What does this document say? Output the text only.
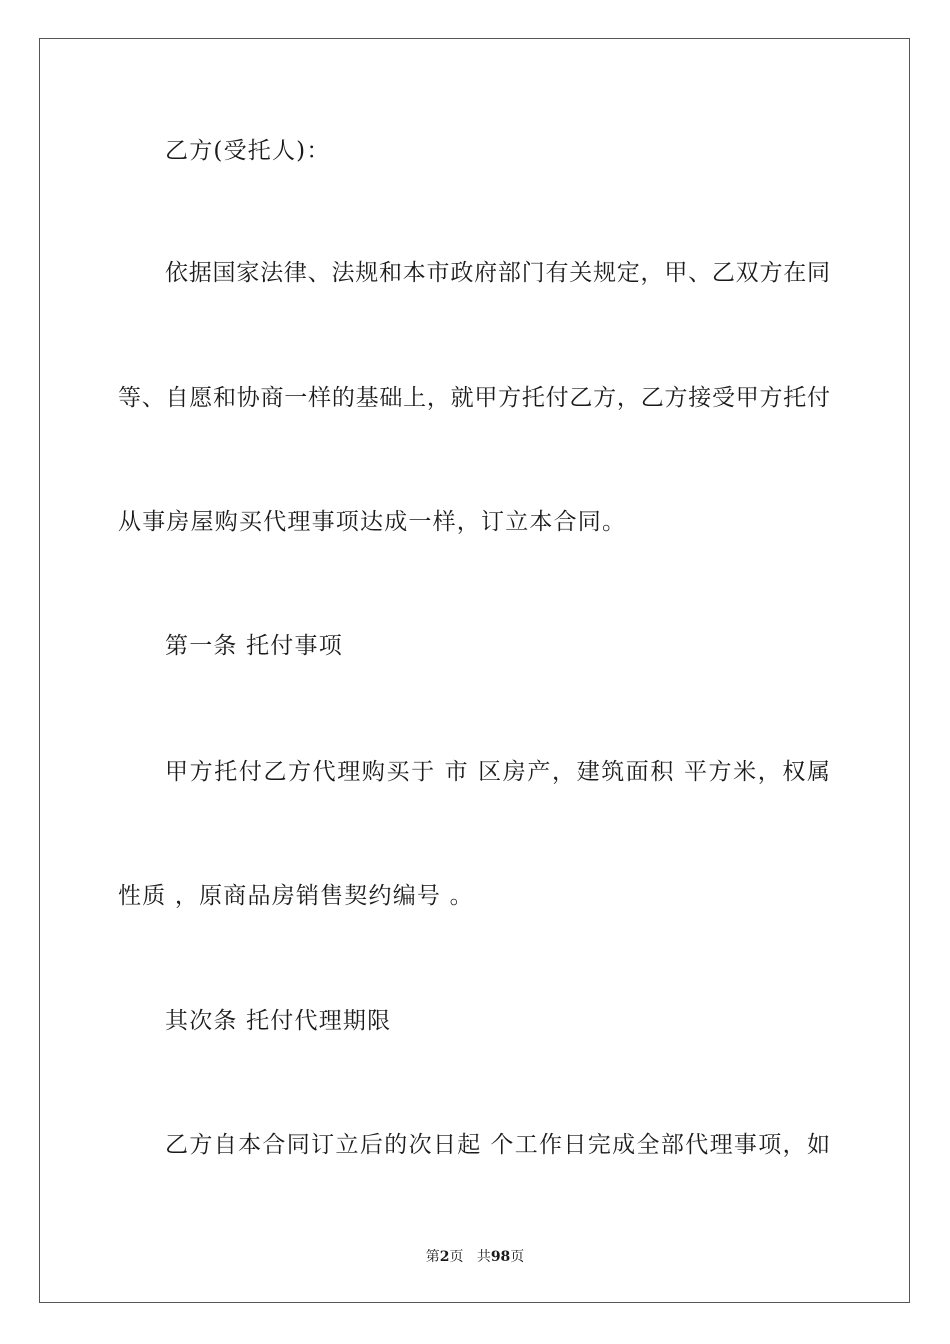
乙方(受托人)：
依据国家法律、法规和本市政府部门有关规定，甲、乙双方在同
等、自愿和协商一样的基础上，就甲方托付乙方，乙方接受甲方托付
从事房屋购买代理事项达成一样，订立本合同。
第一条 托付事项
甲方托付乙方代理购买于 市 区房产，建筑面积 平方米，权属
性质 ，原商品房销售契约编号 。
其次条 托付代理期限
乙方自本合同订立后的次日起 个工作日完成全部代理事项，如
第2页 共98页
